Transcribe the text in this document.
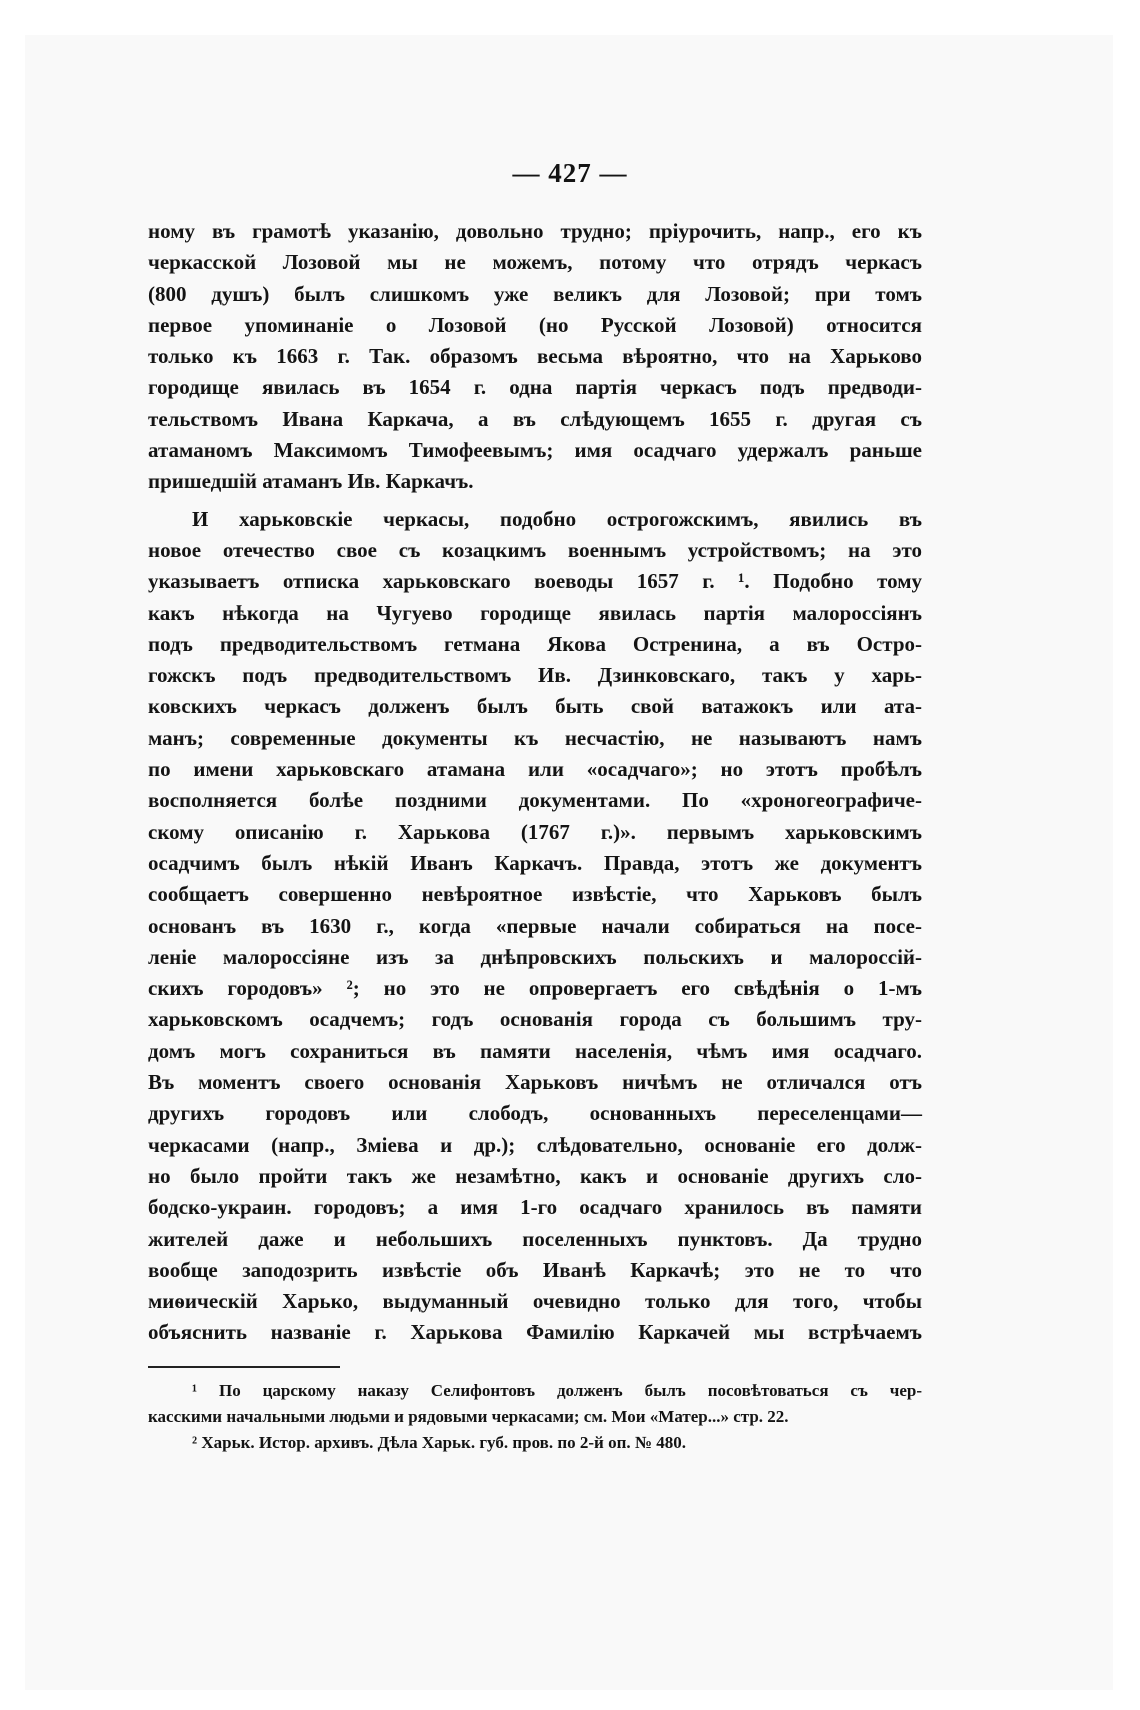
— 427 —
ному въ грамотѣ указанію, довольно трудно; пріурочить, напр., его къ
черкасской Лозовой мы не можемъ, потому что отрядъ черкасъ
(800 душъ) былъ слишкомъ уже великъ для Лозовой; при томъ
первое упоминаніе о Лозовой (но Русской Лозовой) относится
только къ 1663 г. Так. образомъ весьма вѣроятно, что на Харьково
городище явилась въ 1654 г. одна партія черкасъ подъ предводи-
тельствомъ Ивана Каркача, а въ слѣдующемъ 1655 г. другая съ
атаманомъ Максимомъ Тимофеевымъ; имя осадчаго удержалъ раньше
пришедшій атаманъ Ив. Каркачъ.
И харьковскіе черкасы, подобно острогожскимъ, явились въ
новое отечество свое съ козацкимъ военнымъ устройствомъ; на это
указываетъ отписка харьковскаго воеводы 1657 г. ¹. Подобно тому
какъ нѣкогда на Чугуево городище явилась партія малороссіянъ
подъ предводительствомъ гетмана Якова Остренина, а въ Остро-
гожскъ подъ предводительствомъ Ив. Дзинковскаго, такъ у харь-
ковскихъ черкасъ долженъ былъ быть свой ватажокъ или ата-
манъ; современные документы къ несчастію, не называютъ намъ
по имени харьковскаго атамана или «осадчаго»; но этотъ пробѣлъ
восполняется болѣе поздними документами. По «хроногеографиче-
скому описанію г. Харькова (1767 г.)». первымъ харьковскимъ
осадчимъ былъ нѣкій Иванъ Каркачъ. Правда, этотъ же документъ
сообщаетъ совершенно невѣроятное извѣстіе, что Харьковъ былъ
основанъ въ 1630 г., когда «первые начали собираться на посе-
леніе малороссіяне изъ за днѣпровскихъ польскихъ и малороссій-
скихъ городовъ» ²; но это не опровергаетъ его свѣдѣнія о 1-мъ
харьковскомъ осадчемъ; годъ основанія города съ большимъ тру-
домъ могъ сохраниться въ памяти населенія, чѣмъ имя осадчаго.
Въ моментъ своего основанія Харьковъ ничѣмъ не отличался отъ
другихъ городовъ или слободъ, основанныхъ переселенцами—
черкасами (напр., Зміева и др.); слѣдовательно, основаніе его долж-
но было пройти такъ же незамѣтно, какъ и основаніе другихъ сло-
бодско-украин. городовъ; а имя 1-го осадчаго хранилось въ памяти
жителей даже и небольшихъ поселенныхъ пунктовъ. Да трудно
вообще заподозрить извѣстіе объ Иванѣ Каркачѣ; это не то что
миѳическій Харько, выдуманный очевидно только для того, чтобы
объяснить названіе г. Харькова Фамилію Каркачей мы встрѣчаемъ
¹ По царскому наказу Селифонтовъ долженъ былъ посовѣтоваться съ чер-
касскими начальными людьми и рядовыми черкасами; см. Мои «Матер...» стр. 22.
² Харьк. Истор. архивъ. Дѣла Харьк. губ. пров. по 2-й оп. № 480.
